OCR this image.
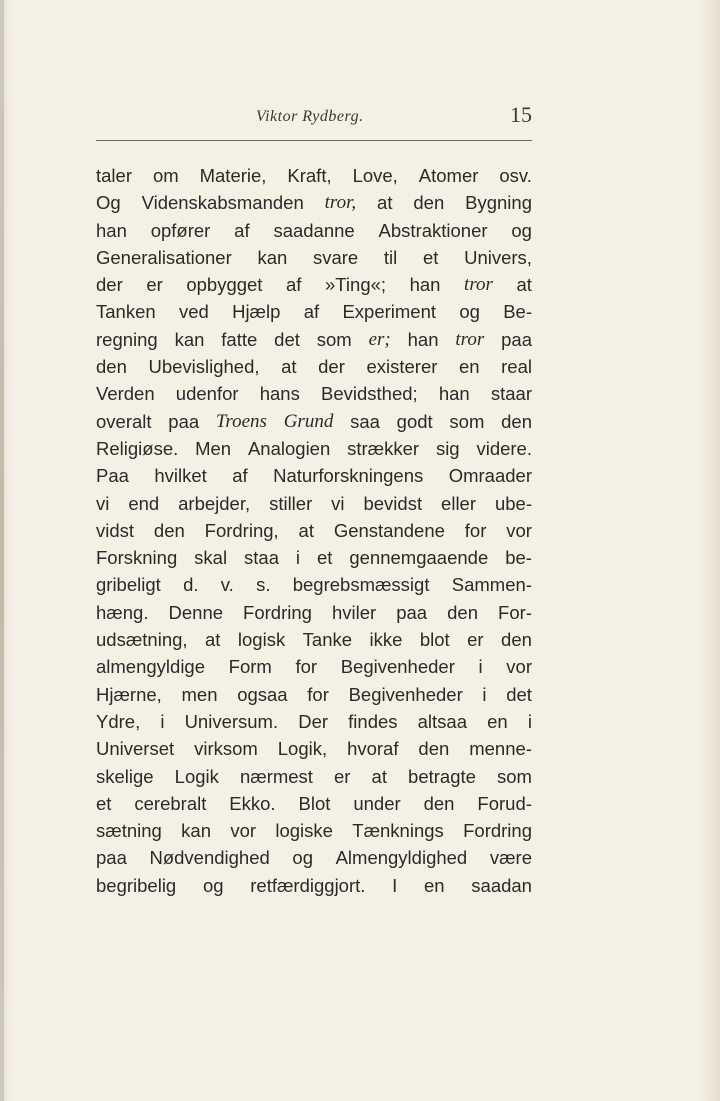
Viktor Rydberg.	15
taler om Materie, Kraft, Love, Atomer osv.
Og Videnskabsmanden tror, at den Bygning
han opfører af saadanne Abstraktioner og
Generalisationer kan svare til et Univers,
der er opbygget af »Ting«; han tror at
Tanken ved Hjælp af Experiment og Be-
regning kan fatte det som er; han tror paa
den Ubevislighed, at der existerer en real
Verden udenfor hans Bevidsthed; han staar
overalt paa Troens Grund saa godt som den
Religiøse. Men Analogien strækker sig videre.
Paa hvilket af Naturforskningens Omraader
vi end arbejder, stiller vi bevidst eller ube-
vidst den Fordring, at Genstandene for vor
Forskning skal staa i et gennemgaaende be-
gribeligt d. v. s. begrebsmæssigt Sammen-
hæng. Denne Fordring hviler paa den For-
udsætning, at logisk Tanke ikke blot er den
almengyldige Form for Begivenheder i vor
Hjærne, men ogsaa for Begivenheder i det
Ydre, i Universum. Der findes altsaa en i
Universet virksom Logik, hvoraf den menne-
skelige Logik nærmest er at betragte som
et cerebralt Ekko. Blot under den Forud-
sætning kan vor logiske Tænknings Fordring
paa Nødvendighed og Almengyldighed være
begribelig og retfærdiggjort. I en saadan
